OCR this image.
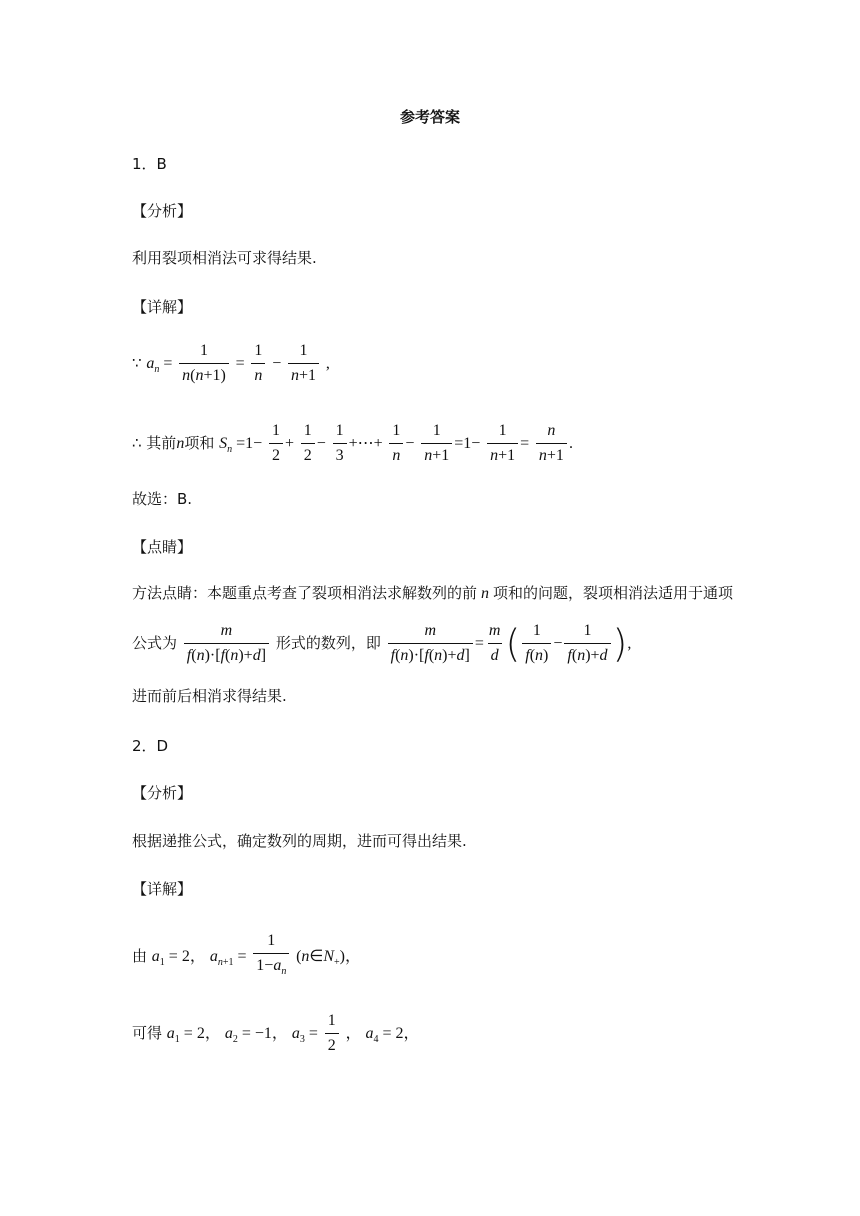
参考答案
1．B
【分析】
利用裂项相消法可求得结果.
【详解】
∵ $a_n = \frac{1}{n(n+1)} = \frac{1}{n} - \frac{1}{n+1}$ ,
∴ 其前n项和 $S_n =1- \frac{1}{2} + \frac{1}{2} - \frac{1}{3}$ +⋯+ $\frac{1}{n} - \frac{1}{n+1} =1- \frac{1}{n+1} = \frac{n}{n+1}$ .
故选：B.
【点睛】
方法点睛：本题重点考查了裂项相消法求解数列的前 n 项和的问题，裂项相消法适用于通项
公式为 $\frac{m}{f(n)\cdot[f(n)+d]}$ 形式的数列，即 $\frac{m}{f(n)\cdot[f(n)+d]} = \frac{m}{d}$ ( $\frac{1}{f(n)} - \frac{1}{f(n)+d}$ ),
进而前后相消求得结果.
2．D
【分析】
根据递推公式，确定数列的周期，进而可得出结果.
【详解】
由 $a_1 = 2$， $a_{n+1} = \frac{1}{1-a_n}$ $(n\in N_+)$，
可得 $a_1 = 2$， $a_2 = -1$， $a_3 = \frac{1}{2}$ ， $a_4 = 2$，
